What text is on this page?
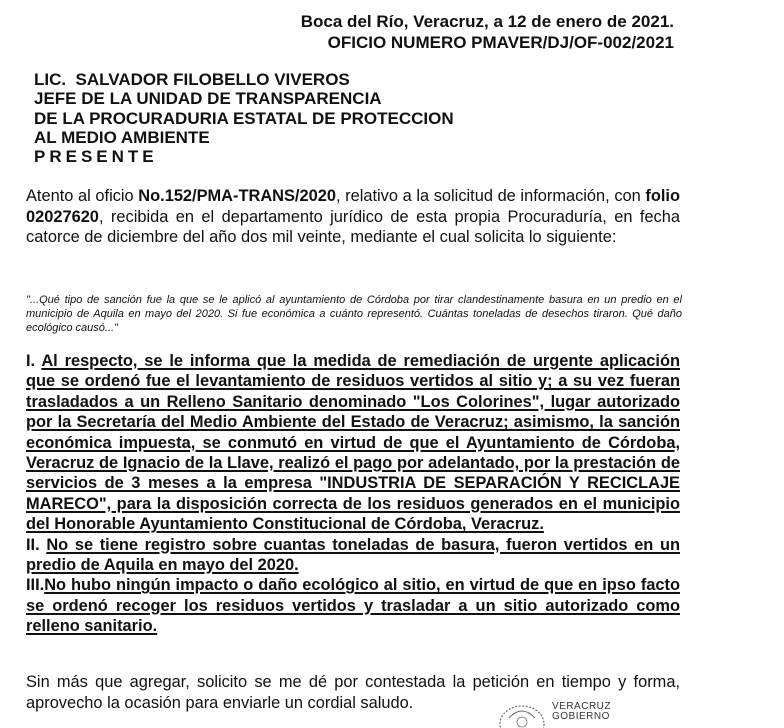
Boca del Río, Veracruz, a 12 de enero de 2021.
OFICIO NUMERO PMAVER/DJ/OF-002/2021
LIC.  SALVADOR FILOBELLO VIVEROS
JEFE DE LA UNIDAD DE TRANSPARENCIA
DE LA PROCURADURIA ESTATAL DE PROTECCION
AL MEDIO AMBIENTE
PRESENTE
Atento al oficio No.152/PMA-TRANS/2020, relativo a la solicitud de información, con folio 02027620, recibida en el departamento jurídico de esta propia Procuraduría, en fecha catorce de diciembre del año dos mil veinte, mediante el cual solicita lo siguiente:
"...Qué tipo de sanción fue la que se le aplicó al ayuntamiento de Córdoba por tirar clandestinamente basura en un predio en el municipio de Aquila en mayo del 2020. Si fue económica a cuánto representó. Cuántas toneladas de desechos tiraron. Qué daño ecológico causó..."
I. Al respecto, se le informa que la medida de remediación de urgente aplicación que se ordenó fue el levantamiento de residuos vertidos al sitio y; a su vez fueran trasladados a un Relleno Sanitario denominado "Los Colorines", lugar autorizado por la Secretaría del Medio Ambiente del Estado de Veracruz; asimismo, la sanción económica impuesta, se conmutó en virtud de que el Ayuntamiento de Córdoba, Veracruz de Ignacio de la Llave, realizó el pago por adelantado, por la prestación de servicios de 3 meses a la empresa "INDUSTRIA DE SEPARACIÓN Y RECICLAJE MARECO", para la disposición correcta de los residuos generados en el municipio del Honorable Ayuntamiento Constitucional de Córdoba, Veracruz.
II. No se tiene registro sobre cuantas toneladas de basura, fueron vertidos en un predio de Aquila en mayo del 2020.
III.No hubo ningún impacto o daño ecológico al sitio, en virtud de que en ipso facto se ordenó recoger los residuos vertidos y trasladar a un sitio autorizado como relleno sanitario.
Sin más que agregar, solicito se me dé por contestada la petición en tiempo y forma, aprovecho la ocasión para enviarle un cordial saludo.	VERACRUZ
GOBIERNO
